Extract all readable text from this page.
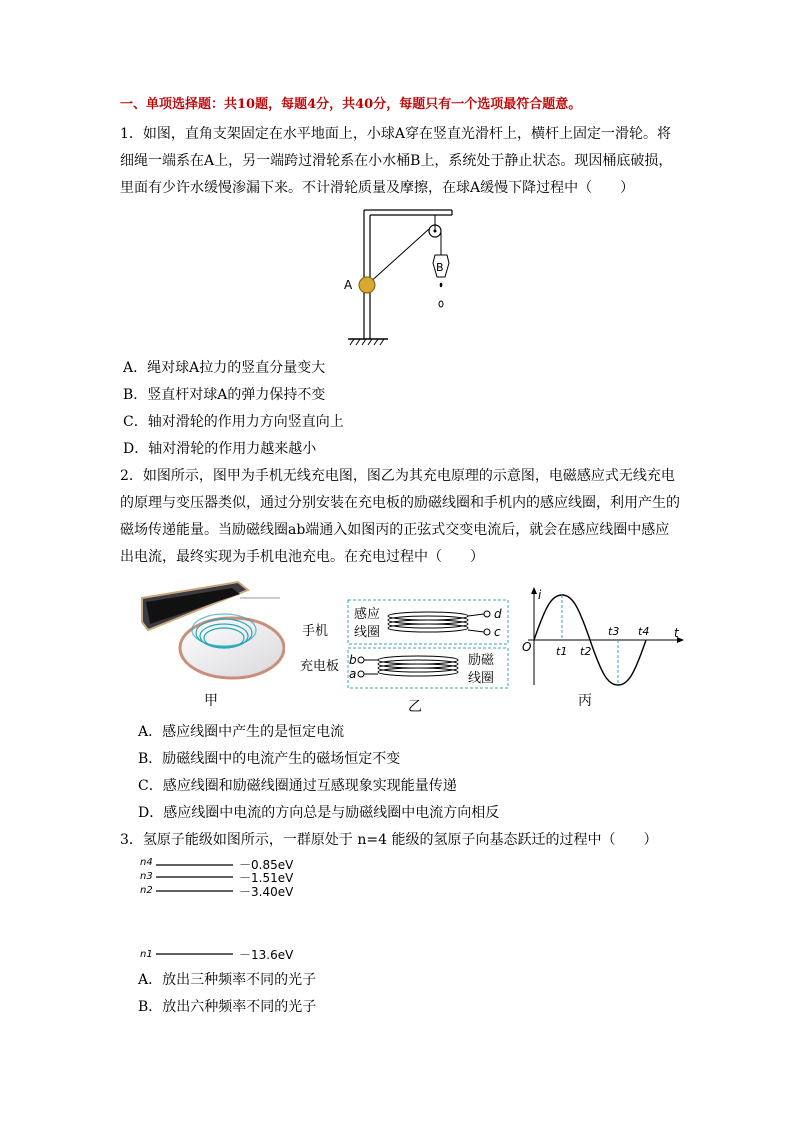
一、单项选择题：共10题，每题4分，共40分，每题只有一个选项最符合题意。
1．如图，直角支架固定在水平地面上，小球A穿在竖直光滑杆上，横杆上固定一滑轮。将
细绳一端系在A上，另一端跨过滑轮系在小水桶B上，系统处于静止状态。现因桶底破损，
里面有少许水缓慢渗漏下来。不计滑轮质量及摩擦，在球A缓慢下降过程中（　　）
B
A
A．绳对球A拉力的竖直分量变大
B．竖直杆对球A的弹力保持不变
C．轴对滑轮的作用力方向竖直向上
D．轴对滑轮的作用力越来越小
2．如图所示，图甲为手机无线充电图，图乙为其充电原理的示意图，电磁感应式无线充电
的原理与变压器类似，通过分别安装在充电板的励磁线圈和手机内的感应线圈，利用产生的
磁场传递能量。当励磁线圈ab端通入如图丙的正弦式交变电流后，就会在感应线圈中感应
出电流，最终实现为手机电池充电。在充电过程中（　　）
甲
手机
充电板
感应
线圈
d
c
b
a
励磁
线圈
乙
i
t
O t1 t2
t3 t4
丙
A．感应线圈中产生的是恒定电流
B．励磁线圈中的电流产生的磁场恒定不变
C．感应线圈和励磁线圈通过互感现象实现能量传递
D．感应线圈中电流的方向总是与励磁线圈中电流方向相反
3．氢原子能级如图所示，一群原处于 n=4 能级的氢原子向基态跃迁的过程中（　　）
n4
n3
n2
n1
－0.85eV
－1.51eV
－3.40eV
－13.6eV
A．放出三种频率不同的光子
B．放出六种频率不同的光子
